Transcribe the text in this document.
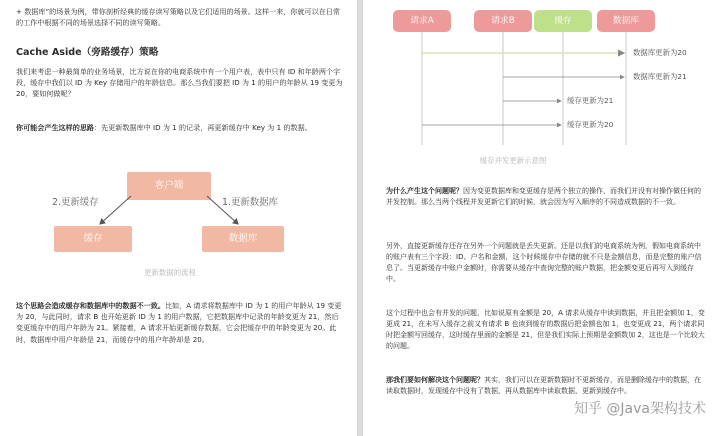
+ 数据库”的场景为例，带你剖析经典的缓存读写策略以及它们适用的场景。这样一来，你就可以在日常的工作中根据不同的场景选择不同的读写策略。

Cache Aside（旁路缓存）策略

我们来考虑一种最简单的业务场景，比方说在你的电商系统中有一个用户表，表中只有 ID 和年龄两个字段，缓存中我们以 ID 为 Key 存储用户的年龄信息。那么当我们要把 ID 为 1 的用户的年龄从 19 变更为 20，要如何做呢？

你可能会产生这样的思路：先更新数据库中 ID 为 1 的记录，再更新缓存中 Key 为 1 的数据。

客户端
缓存	数据库
2.更新缓存	1.更新数据库
更新数据的流程

这个思路会造成缓存和数据库中的数据不一致。比如，A 请求将数据库中 ID 为 1 的用户年龄从 19 变更为 20，与此同时，请求 B 也开始更新 ID 为 1 的用户数据，它把数据库中记录的年龄变更为 21，然后变更缓存中的用户年龄为 21。紧接着，A 请求开始更新缓存数据，它会把缓存中的年龄变更为 20。此时，数据库中用户年龄是 21，而缓存中的用户年龄却是 20。

请求A	请求B	缓存	数据库
数据库更新为20
数据库更新为21
缓存更新为21
缓存更新为20
缓存并发更新示意图

为什么产生这个问题呢？因为变更数据库和变更缓存是两个独立的操作，而我们并没有对操作做任何的并发控制。那么当两个线程并发更新它们的时候，就会因为写入顺序的不同造成数据的不一致。

另外，直接更新缓存还存在另外一个问题就是丢失更新。还是以我们的电商系统为例，假如电商系统中的账户表有三个字段：ID、户名和金额，这个时候缓存中存储的就不只是金额信息，而是完整的账户信息了。当更新缓存中账户金额时，你需要从缓存中查询完整的账户数据，把金额变更后再写入到缓存中。

这个过程中也会有并发的问题，比如说原有金额是 20，A 请求从缓存中读到数据，并且把金额加 1，变更成 21，在未写入缓存之前又有请求 B 也读到缓存的数据后把金额也加 1，也变更成 21，两个请求同时把金额写回缓存，这时缓存里面的金额是 21，但是我们实际上预期是金额数加 2，这也是一个比较大的问题。

那我们要如何解决这个问题呢？其实，我们可以在更新数据时不更新缓存，而是删除缓存中的数据，在读取数据时，发现缓存中没有了数据，再从数据库中读取数据，更新到缓存中。

知乎 @Java架构技术
